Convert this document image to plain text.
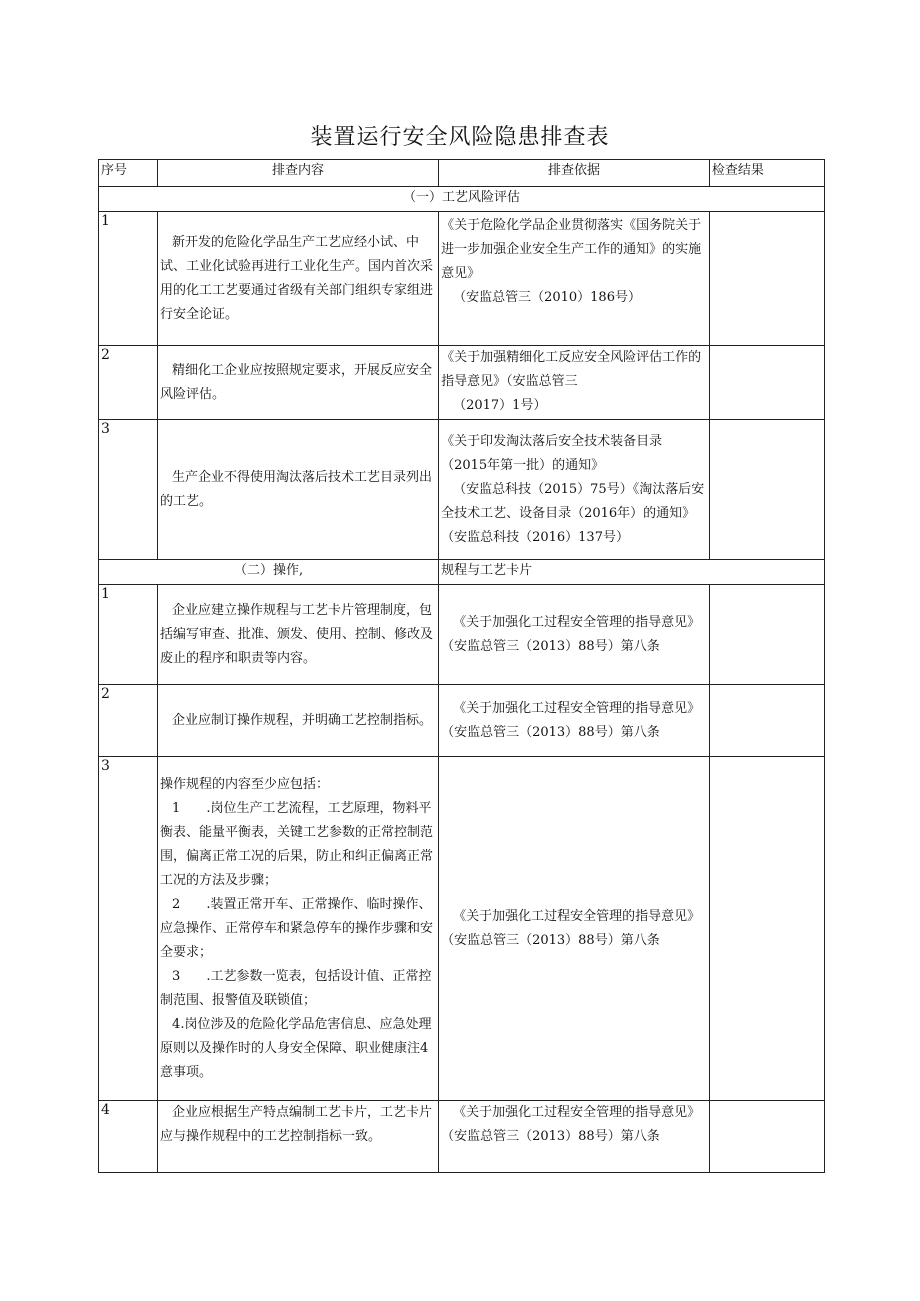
装置运行安全风险隐患排查表
序号	排查内容	排查依据	检查结果
（一）工艺风险评估			
1	新开发的危险化学品生产工艺应经小试、中试、工业化试验再进行工业化生产。国内首次采用的化工工艺要通过省级有关部门组织专家组进行安全论证。	《关于危险化学品企业贯彻落实《国务院关于进一步加强企业安全生产工作的通知》的实施意见》
（安监总管三（2010）186号）	

2	精细化工企业应按照规定要求，开展反应安全风险评估。	《关于加强精细化工反应安全风险评估工作的指导意见》（安监总管三
（2017）1号）	

3	生产企业不得使用淘汰落后技术工艺目录列出的工艺。	《关于印发淘汰落后安全技术装备目录（2015年第一批）的通知》
（安监总科技（2015）75号）《淘汰落后安全技术工艺、设备目录（2016年）的通知》（安监总科技（2016）137号）	

（二）操作,		规程与工艺卡片	
1	企业应建立操作规程与工艺卡片管理制度，包括编写审查、批准、颁发、使用、控制、修改及废止的程序和职责等内容。	《关于加强化工过程安全管理的指导意见》（安监总管三（2013）88号）第八条	

2	企业应制订操作规程，并明确工艺控制指标。	《关于加强化工过程安全管理的指导意见》（安监总管三（2013）88号）第八条	

3	操作规程的内容至少应包括：
1　　.岗位生产工艺流程，工艺原理，物料平衡表、能量平衡表，关键工艺参数的正常控制范围，偏离正常工况的后果，防止和纠正偏离正常工况的方法及步骤；
2　　.装置正常开车、正常操作、临时操作、应急操作、正常停车和紧急停车的操作步骤和安全要求；
3　　.工艺参数一览表，包括设计值、正常控制范围、报警值及联锁值；
4.岗位涉及的危险化学品危害信息、应急处理原则以及操作时的人身安全保障、职业健康注4意事项。	《关于加强化工过程安全管理的指导意见》（安监总管三（2013）88号）第八条	

4	企业应根据生产特点编制工艺卡片，工艺卡片应与操作规程中的工艺控制指标一致。	《关于加强化工过程安全管理的指导意见》（安监总管三（2013）88号）第八条	
